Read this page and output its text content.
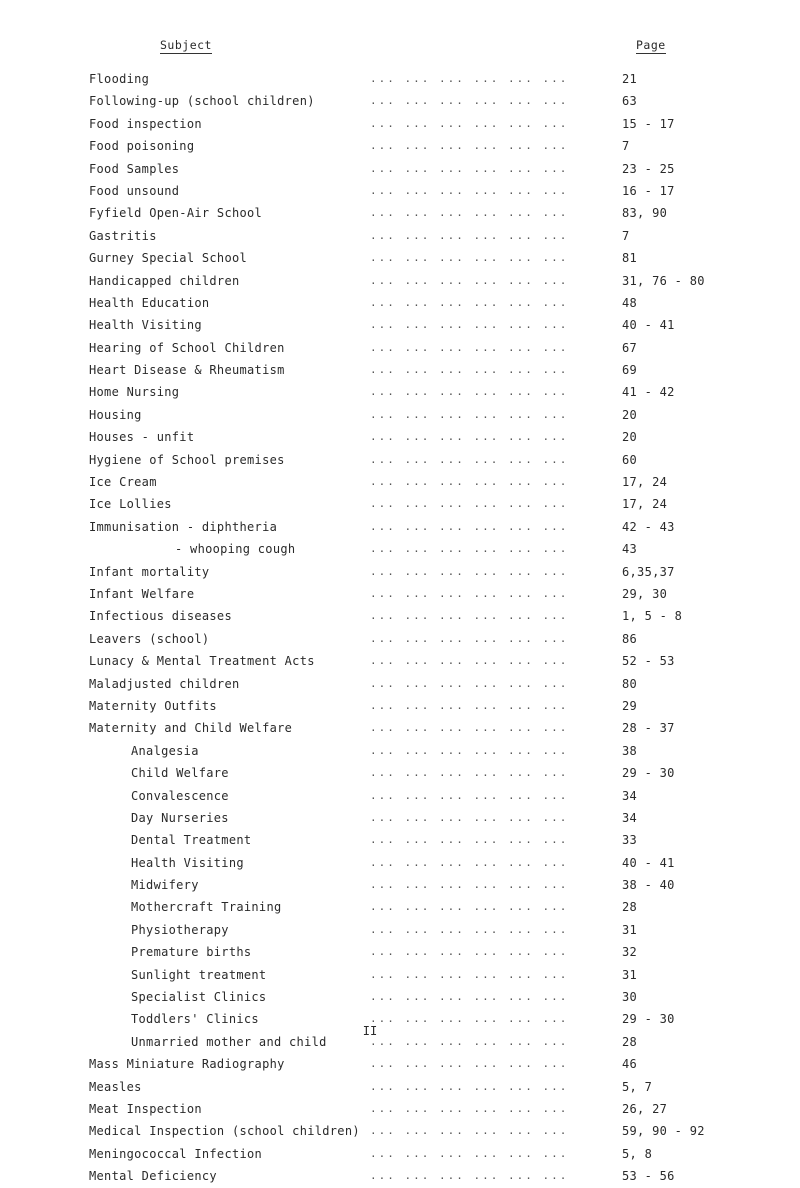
Subject	Page
Flooding	... ... ... ... ... ...	21
Following-up (school children)	... ... ... ... ... ...	63
Food inspection	... ... ... ... ... ...	15 - 17
Food poisoning	... ... ... ... ... ...	7
Food Samples	... ... ... ... ... ...	23 - 25
Food unsound	... ... ... ... ... ...	16 - 17
Fyfield Open-Air School	... ... ... ... ... ...	83, 90
Gastritis	... ... ... ... ... ...	7
Gurney Special School	... ... ... ... ... ...	81
Handicapped children	... ... ... ... ... ...	31, 76 - 80
Health Education	... ... ... ... ... ...	48
Health Visiting	... ... ... ... ... ...	40 - 41
Hearing of School Children	... ... ... ... ... ...	67
Heart Disease & Rheumatism	... ... ... ... ... ...	69
Home Nursing	... ... ... ... ... ...	41 - 42
Housing	... ... ... ... ... ...	20
Houses - unfit	... ... ... ... ... ...	20
Hygiene of School premises	... ... ... ... ... ...	60
Ice Cream	... ... ... ... ... ...	17, 24
Ice Lollies	... ... ... ... ... ...	17, 24
Immunisation - diphtheria	... ... ... ... ... ...	42 - 43
- whooping cough	... ... ... ... ... ...	43
Infant mortality	... ... ... ... ... ...	6,35,37
Infant Welfare	... ... ... ... ... ...	29, 30
Infectious diseases	... ... ... ... ... ...	1, 5 - 8
Leavers (school)	... ... ... ... ... ...	86
Lunacy & Mental Treatment Acts	... ... ... ... ... ...	52 - 53
Maladjusted children	... ... ... ... ... ...	80
Maternity Outfits	... ... ... ... ... ...	29
Maternity and Child Welfare	... ... ... ... ... ...	28 - 37
Analgesia	... ... ... ... ... ...	38
Child Welfare	... ... ... ... ... ...	29 - 30
Convalescence	... ... ... ... ... ...	34
Day Nurseries	... ... ... ... ... ...	34
Dental Treatment	... ... ... ... ... ...	33
Health Visiting	... ... ... ... ... ...	40 - 41
Midwifery	... ... ... ... ... ...	38 - 40
Mothercraft Training	... ... ... ... ... ...	28
Physiotherapy	... ... ... ... ... ...	31
Premature births	... ... ... ... ... ...	32
Sunlight treatment	... ... ... ... ... ...	31
Specialist Clinics	... ... ... ... ... ...	30
Toddlers' Clinics	... ... ... ... ... ...	29 - 30
Unmarried mother and child	... ... ... ... ... ...	28
Mass Miniature Radiography	... ... ... ... ... ...	46
Measles	... ... ... ... ... ...	5, 7
Meat Inspection	... ... ... ... ... ...	26, 27
Medical Inspection (school children) ... ... ... ... ... ...	59, 90 - 92
Meningococcal Infection	... ... ... ... ... ...	5, 8
Mental Deficiency	... ... ... ... ... ...	53 - 56
II
